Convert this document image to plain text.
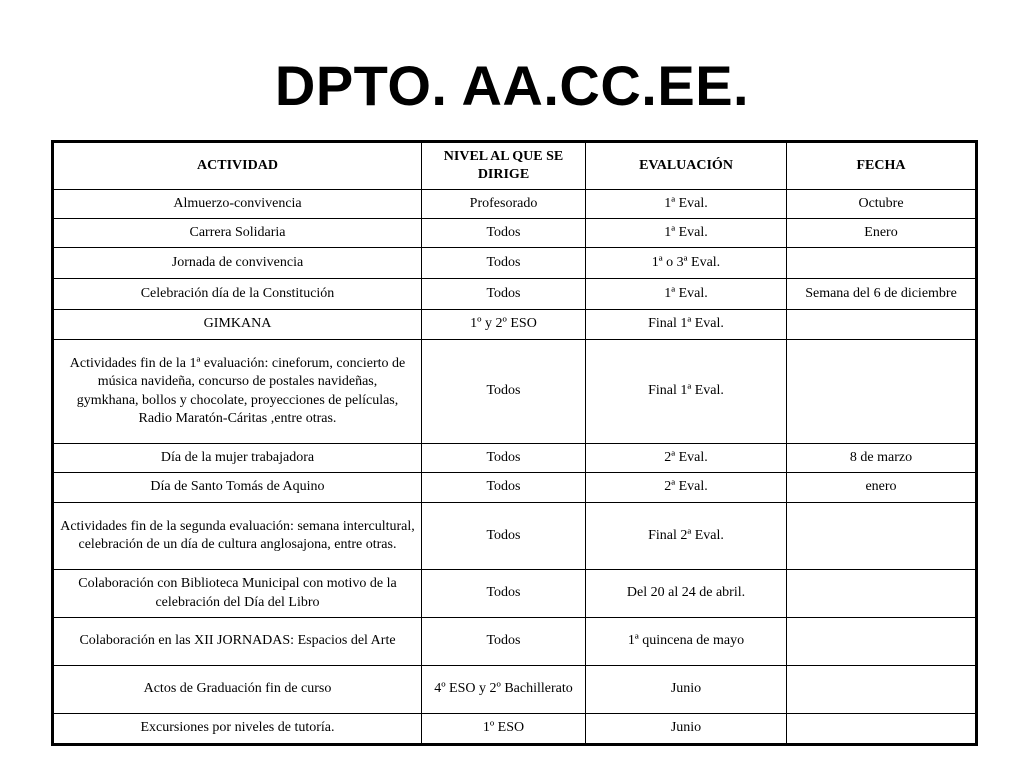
DPTO. AA.CC.EE.
ACTIVIDAD	NIVEL AL QUE SE DIRIGE	EVALUACIÓN	FECHA
Almuerzo-convivencia	Profesorado	1ª Eval.	Octubre
Carrera Solidaria	Todos	1ª Eval.	Enero
Jornada de convivencia	Todos	1ª o 3ª Eval.	
Celebración día de la Constitución	Todos	1ª Eval.	Semana del 6 de diciembre
GIMKANA	1º y 2º ESO	Final 1ª Eval.	
Actividades fin de la 1ª evaluación: cineforum, concierto de música navideña, concurso de postales navideñas, gymkhana, bollos y chocolate, proyecciones de películas, Radio Maratón-Cáritas ,entre otras.	Todos	Final 1ª Eval.	
Día de la mujer trabajadora	Todos	2ª Eval.	8 de marzo
Día de Santo Tomás de Aquino	Todos	2ª Eval.	enero
Actividades fin de la segunda evaluación: semana intercultural, celebración de un día de cultura anglosajona, entre otras.	Todos	Final 2ª Eval.	
Colaboración con Biblioteca Municipal con motivo de la celebración del Día del Libro	Todos	Del 20 al 24 de abril.	
Colaboración en las XII JORNADAS: Espacios del Arte	Todos	1ª quincena de mayo	
Actos de Graduación fin de curso	4º ESO y 2º Bachillerato	Junio	
Excursiones por niveles de tutoría.	1º ESO	Junio	
